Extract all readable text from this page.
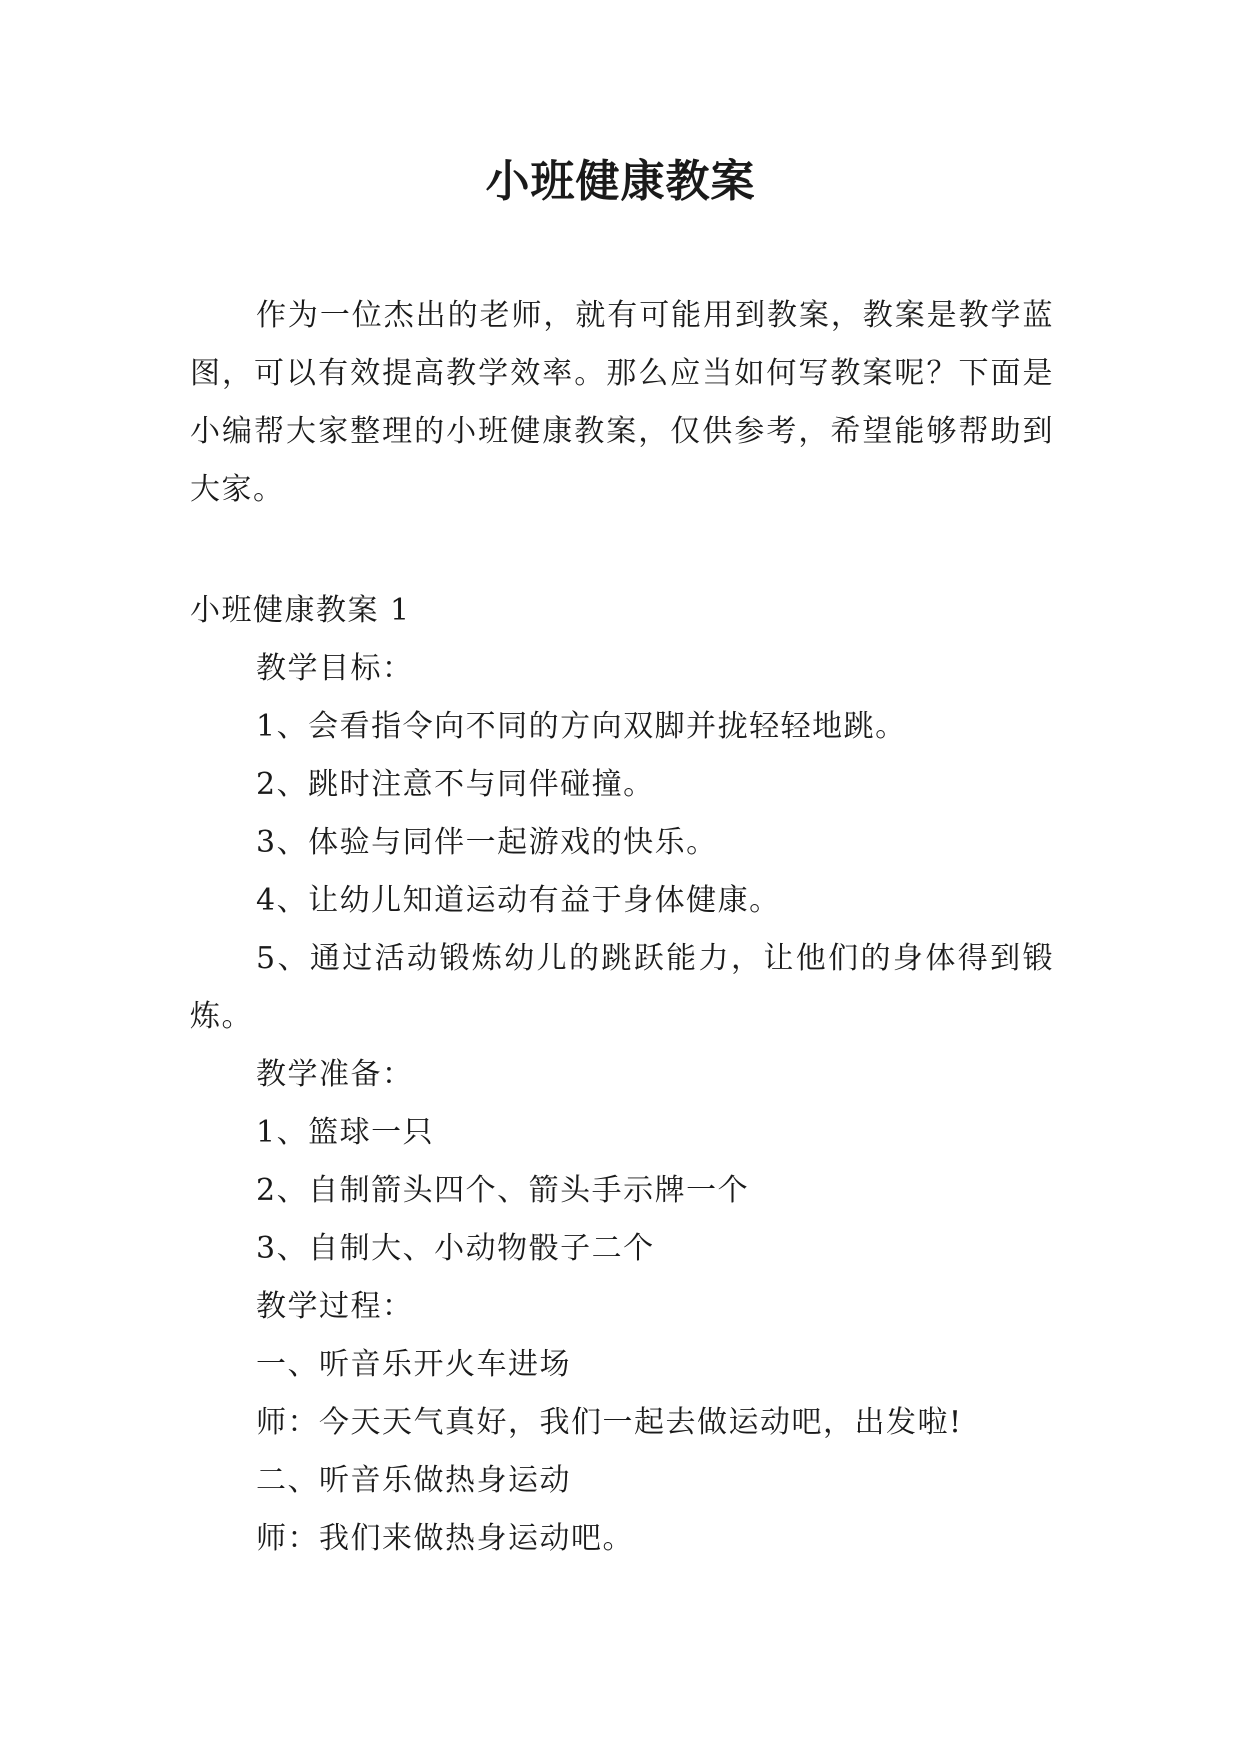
小班健康教案

作为一位杰出的老师，就有可能用到教案，教案是教学蓝图，可以有效提高教学效率。那么应当如何写教案呢？下面是小编帮大家整理的小班健康教案，仅供参考，希望能够帮助到大家。

小班健康教案 1

教学目标：

1、会看指令向不同的方向双脚并拢轻轻地跳。

2、跳时注意不与同伴碰撞。

3、体验与同伴一起游戏的快乐。

4、让幼儿知道运动有益于身体健康。

5、通过活动锻炼幼儿的跳跃能力，让他们的身体得到锻炼。

教学准备：

1、篮球一只

2、自制箭头四个、箭头手示牌一个

3、自制大、小动物骰子二个

教学过程：

一、听音乐开火车进场

师：今天天气真好，我们一起去做运动吧，出发啦!

二、听音乐做热身运动

师：我们来做热身运动吧。
